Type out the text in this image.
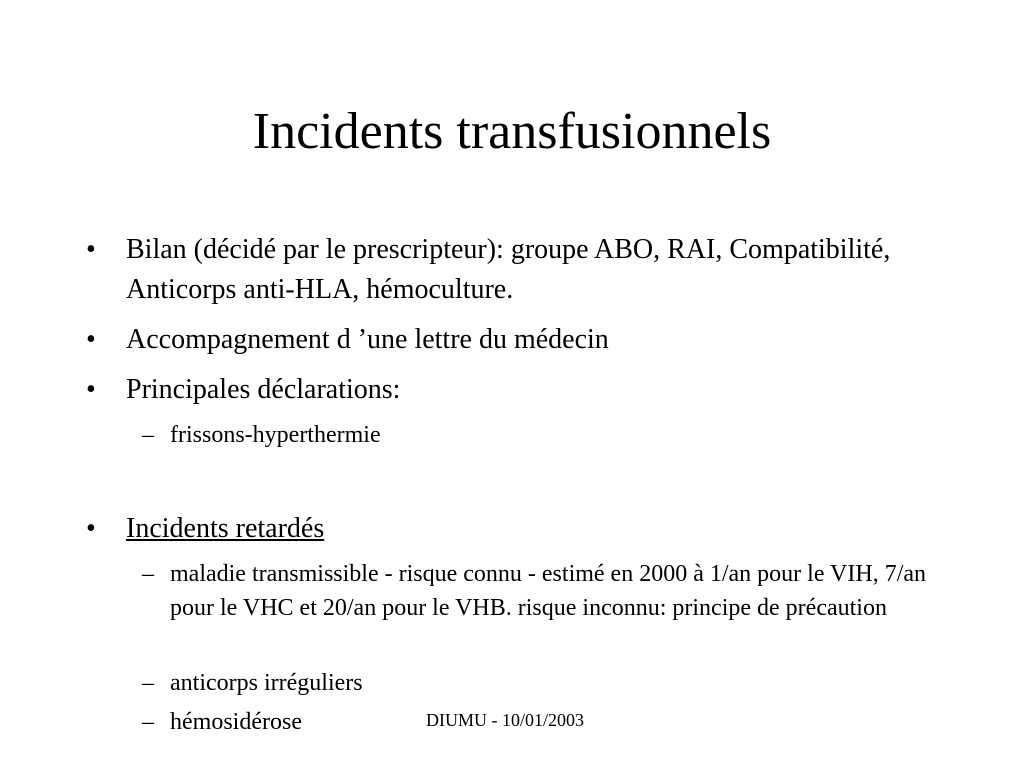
Incidents transfusionnels
• Bilan (décidé par le prescripteur): groupe ABO, RAI, Compatibilité, Anticorps anti-HLA, hémoculture.
• Accompagnement d ’une lettre du médecin
• Principales déclarations:
– frissons-hyperthermie
• Incidents retardés
– maladie transmissible - risque connu - estimé en 2000 à 1/an pour le VIH, 7/an pour le VHC et 20/an pour le VHB. risque inconnu: principe de précaution
– anticorps irréguliers
– hémosidérose	DIUMU - 10/01/2003
